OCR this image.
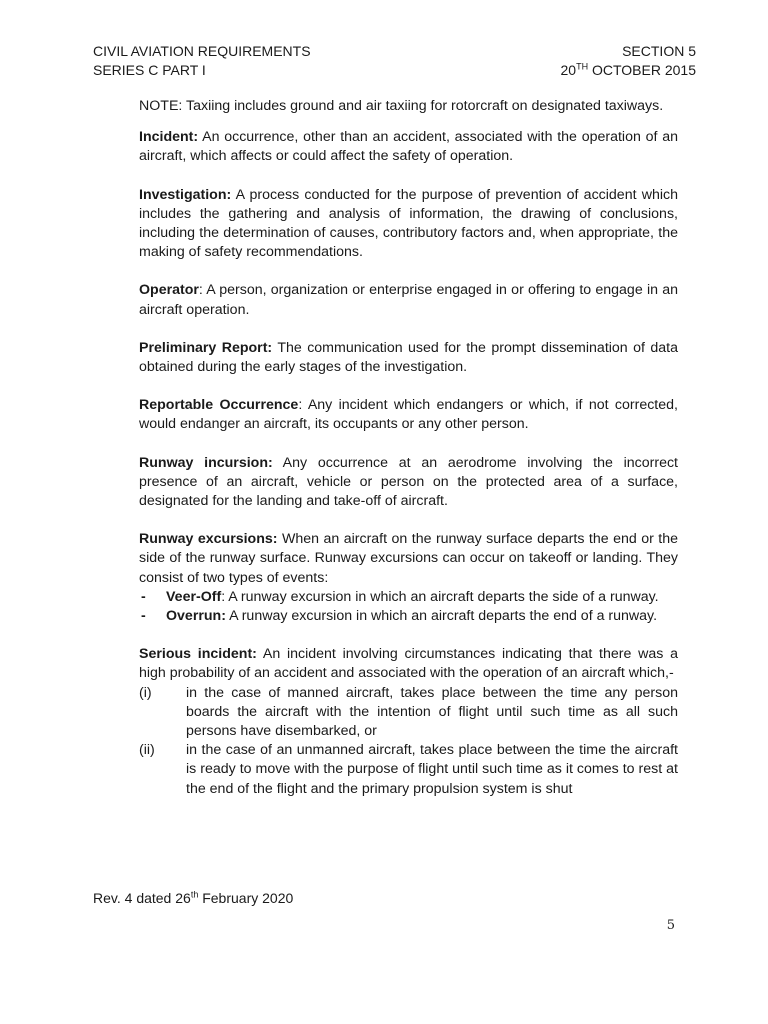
CIVIL AVIATION REQUIREMENTS	SECTION 5
SERIES C PART I	20TH OCTOBER 2015

NOTE: Taxiing includes ground and air taxiing for rotorcraft on designated taxiways.

Incident: An occurrence, other than an accident, associated with the operation of an aircraft, which affects or could affect the safety of operation.

Investigation: A process conducted for the purpose of prevention of accident which includes the gathering and analysis of information, the drawing of conclusions, including the determination of causes, contributory factors and, when appropriate, the making of safety recommendations.

Operator: A person, organization or enterprise engaged in or offering to engage in an aircraft operation.

Preliminary Report: The communication used for the prompt dissemination of data obtained during the early stages of the investigation.

Reportable Occurrence: Any incident which endangers or which, if not corrected, would endanger an aircraft, its occupants or any other person.

Runway incursion: Any occurrence at an aerodrome involving the incorrect presence of an aircraft, vehicle or person on the protected area of a surface, designated for the landing and take-off of aircraft.

Runway excursions: When an aircraft on the runway surface departs the end or the side of the runway surface. Runway excursions can occur on takeoff or landing. They consist of two types of events:
- Veer-Off: A runway excursion in which an aircraft departs the side of a runway.
- Overrun: A runway excursion in which an aircraft departs the end of a runway.
Serious incident: An incident involving circumstances indicating that there was a high probability of an accident and associated with the operation of an aircraft which,-
(i) in the case of manned aircraft, takes place between the time any person boards the aircraft with the intention of flight until such time as all such persons have disembarked, or
(ii) in the case of an unmanned aircraft, takes place between the time the aircraft is ready to move with the purpose of flight until such time as it comes to rest at the end of the flight and the primary propulsion system is shut
Rev. 4 dated 26th February 2020
5
